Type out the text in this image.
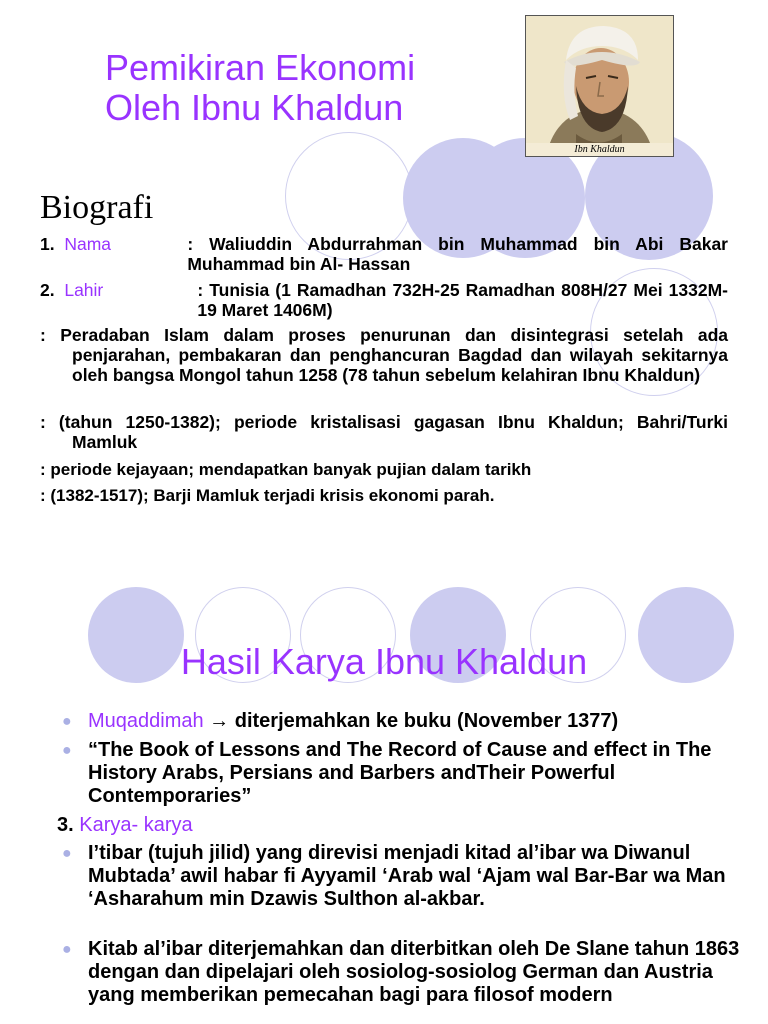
Pemikiran Ekonomi
Oleh Ibnu Khaldun
Ibn Khaldun
Biografi
1.
Nama	: Waliuddin Abdurrahman bin Muhammad bin Abi Bakar Muhammad bin Al- Hassan
2.
Lahir	: Tunisia (1 Ramadhan 732H-25 Ramadhan 808H/27 Mei 1332M-19 Maret 1406M)

: Peradaban Islam dalam proses penurunan dan disintegrasi setelah ada penjarahan, pembakaran dan penghancuran Bagdad dan wilayah sekitarnya oleh bangsa Mongol tahun 1258 (78 tahun sebelum kelahiran Ibnu Khaldun)

: (tahun 1250-1382); periode kristalisasi gagasan Ibnu Khaldun; Bahri/Turki Mamluk

: periode kejayaan; mendapatkan banyak pujian dalam tarikh

: (1382-1517); Barji Mamluk terjadi krisis ekonomi parah.

Hasil Karya Ibnu Khaldun
● Muqaddimah → diterjemahkan ke buku (November 1377)
● “The Book of Lessons and The Record of Cause and effect in The History Arabs, Persians and Barbers andTheir Powerful Contemporaries”
3.
Karya- karya
● I’tibar (tujuh jilid) yang direvisi menjadi kitad al’ibar wa Diwanul Mubtada’ awil habar fi Ayyamil ‘Arab wal ‘Ajam wal Bar-Bar wa Man ‘Asharahum min Dzawis Sulthon al-akbar.
● Kitab al’ibar diterjemahkan dan diterbitkan oleh De Slane tahun 1863 dengan dan dipelajari oleh sosiolog-sosiolog German dan Austria yang memberikan pemecahan bagi para filosof modern
